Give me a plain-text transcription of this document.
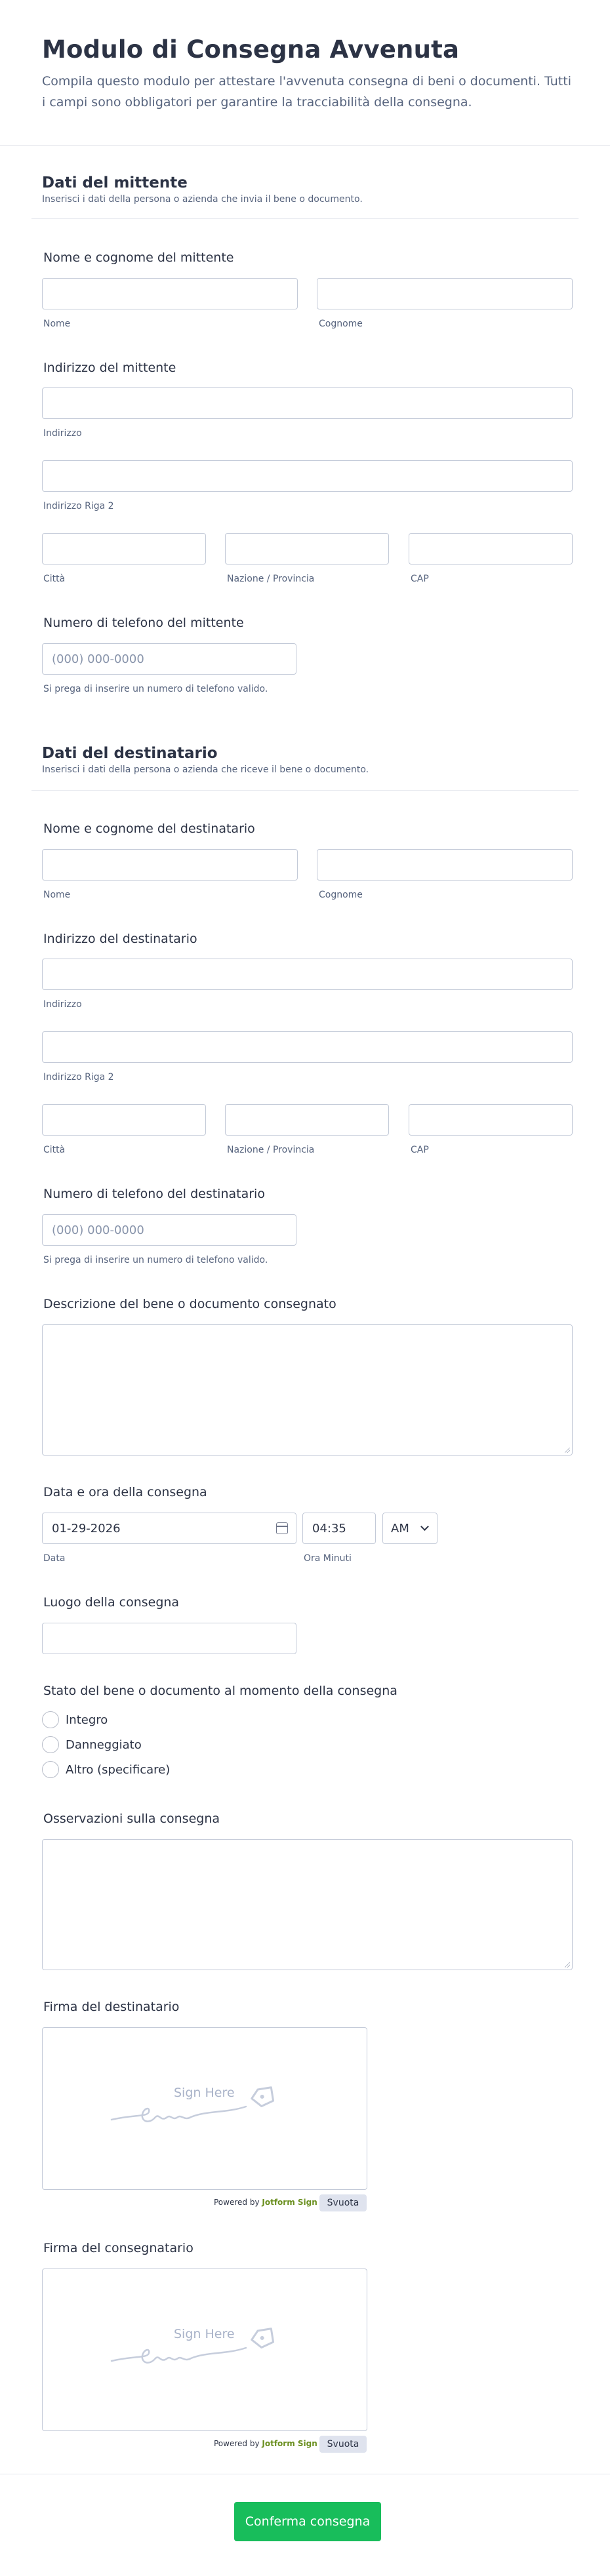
Modulo di Consegna Avvenuta

Compila questo modulo per attestare l'avvenuta consegna di beni o documenti. Tutti i campi sono obbligatori per garantire la tracciabilità della consegna.

Dati del mittente
Inserisci i dati della persona o azienda che invia il bene o documento.
Nome e cognome del mittente
Nome	Cognome
Indirizzo del mittente
Indirizzo
Indirizzo Riga 2
Città	Nazione / Provincia	CAP
Numero di telefono del mittente
(000) 000-0000
Si prega di inserire un numero di telefono valido.
Dati del destinatario
Inserisci i dati della persona o azienda che riceve il bene o documento.
Nome e cognome del destinatario
Nome	Cognome
Indirizzo del destinatario
Indirizzo
Indirizzo Riga 2
Città	Nazione / Provincia	CAP
Numero di telefono del destinatario
(000) 000-0000
Si prega di inserire un numero di telefono valido.
Descrizione del bene o documento consegnato
Data e ora della consegna
01-29-2026	04:35	AM
Data	Ora Minuti
Luogo della consegna
Stato del bene o documento al momento della consegna
Integro
Danneggiato
Altro (specificare)
Osservazioni sulla consegna
Firma del destinatario
Sign Here
Powered by Jotform Sign	Svuota
Firma del consegnatario
Sign Here
Powered by Jotform Sign	Svuota
Conferma consegna
